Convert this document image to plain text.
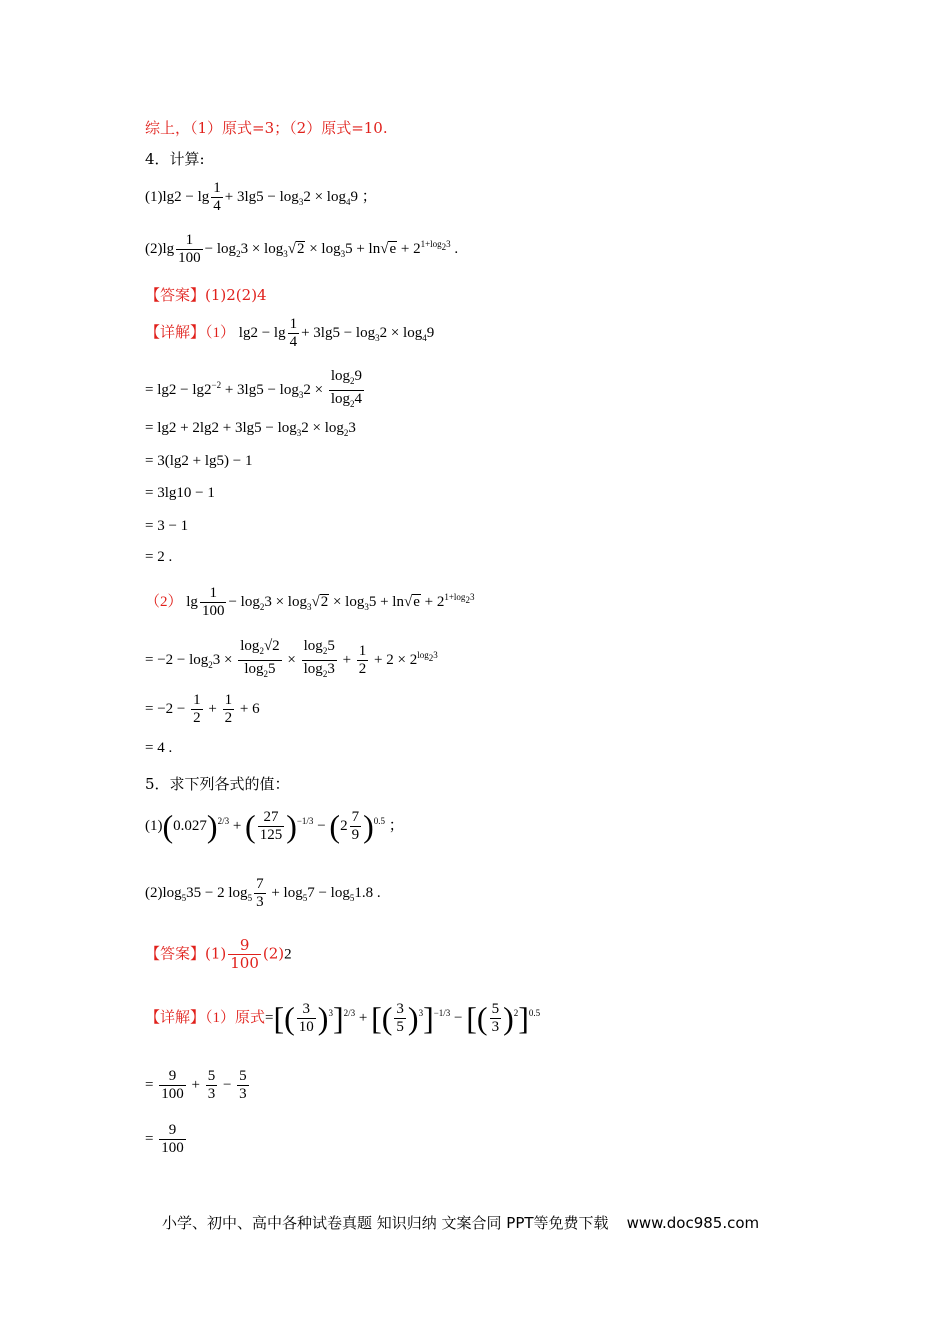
综上，（1）原式=3；（2）原式=10.
4．计算:
$(1)\lg 2 - \lg \frac{1}{4} + 3\lg 5 - \log_32 \times \log_49$ ；
$(2)\lg \frac{1}{100} - \log_23 \times \log_3√2 \times \log_35 + \ln√e + 2^{1+log_23}$ .
【答案】(1)2(2)4
【详解】（1） $\lg 2 - \lg \frac{1}{4} + 3\lg 5 - \log_32 \times \log_49$
= $\lg 2 - \lg 2^{-2} + 3\lg 5 - \log_32 \times \frac{\log_29}{\log_24}$
= $\lg 2 + 2\lg 2 + 3\lg 5 - \log_32 \times \log_23$
= 3(lg2 + lg5) − 1
= 3lg10 − 1
= 3 − 1
= 2 .
（2） $\lg \frac{1}{100} - \log_23 \times \log_3√2 \times \log_35 + \ln√e + 2^{1+log_23}$
= $-2 - \log_23 \times \frac{\log_2√2}{\log_25} \times \frac{\log_25}{\log_23} + \frac{1}{2} + 2 \times 2^{log_23}$
= $-2 - \frac{1}{2} + \frac{1}{2} + 6$
= 4 .
5．求下列各式的值：
$(1)(0.027)^{2/3}$ + ( $\frac{27}{125} )^{-1/3} - (2 \frac{7}{9} )^{0.5}$ ；
$(2)\log_535 - 2$ $\log_5 \frac{7}{3} + \log_57 - \log_51.8$ .
【答案】$(1) \frac{9}{100} (2)2$
【详解】（1）原式=[( $\frac{3}{10} )^3]^{2/3}$ + [( $\frac{3}{5} )^3]^{-1/3}$ − [( $\frac{5}{3} )^2]^{0.5}$
= $\frac{9}{100} + \frac{5}{3} - \frac{5}{3}$
= $\frac{9}{100}$
小学、初中、高中各种试卷真题 知识归纳 文案合同 PPT等免费下载 www.doc985.com
